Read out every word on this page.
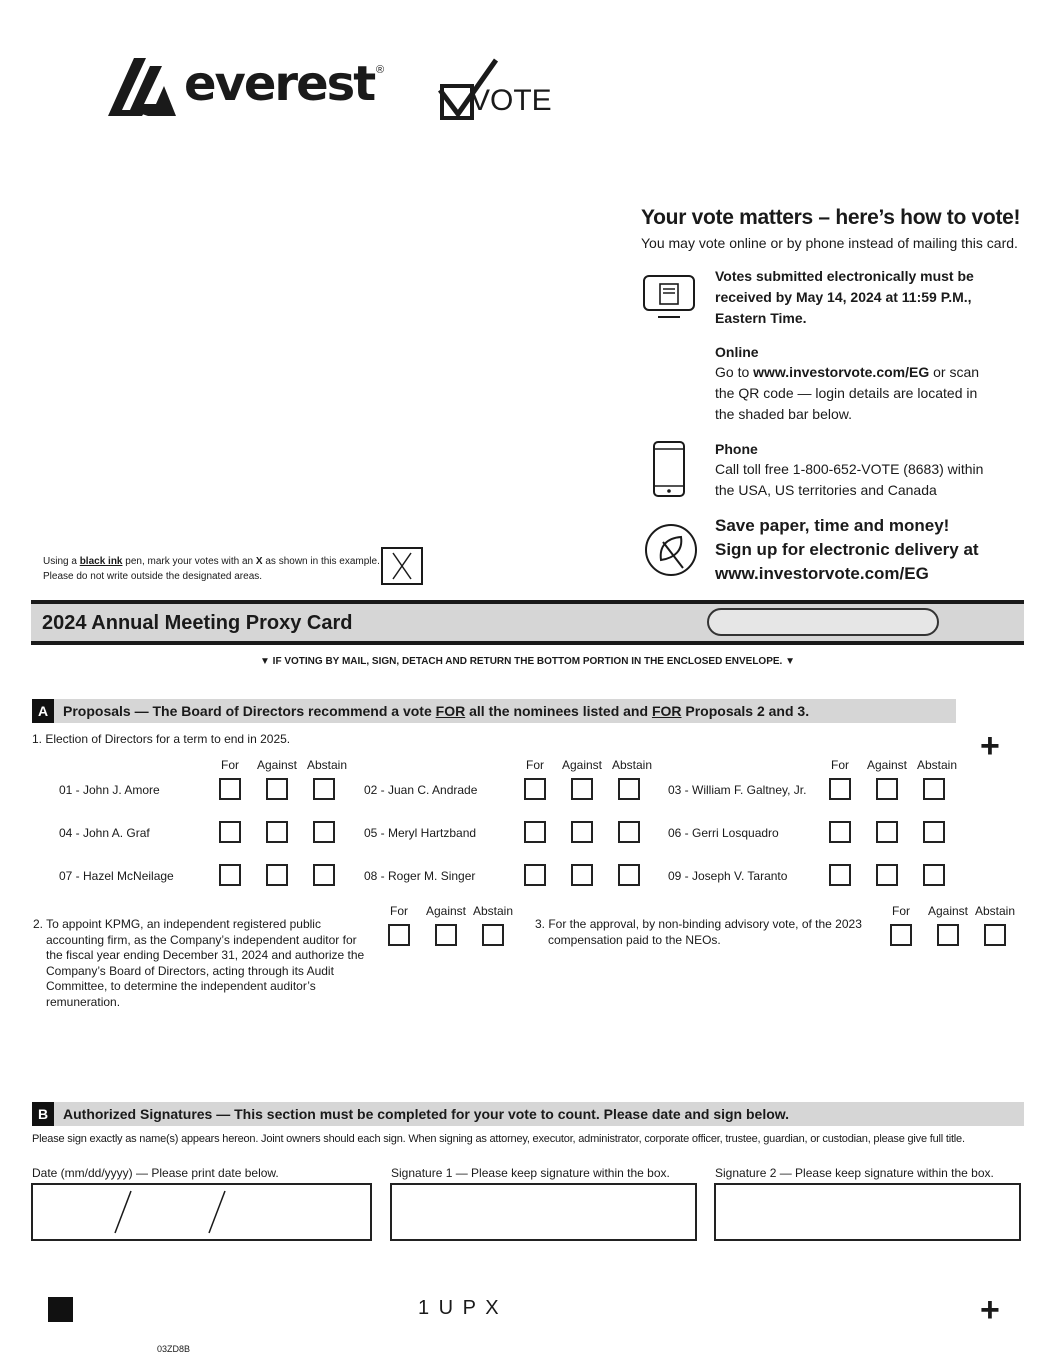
everest ®
VOTE
Your vote matters – here’s how to vote!
You may vote online or by phone instead of mailing this card.
Votes submitted electronically must be received by May 14, 2024 at 11:59 P.M., Eastern Time.
Online
Go to www.investorvote.com/EG or scan the QR code — login details are located in the shaded bar below.
Phone
Call toll free 1-800-652-VOTE (8683) within the USA, US territories and Canada
Save paper, time and money!
Sign up for electronic delivery at
www.investorvote.com/EG
Using a black ink pen, mark your votes with an X as shown in this example.
Please do not write outside the designated areas.
2024 Annual Meeting Proxy Card
▼ IF VOTING BY MAIL, SIGN, DETACH AND RETURN THE BOTTOM PORTION IN THE ENCLOSED ENVELOPE. ▼
A	Proposals — The Board of Directors recommend a vote FOR all the nominees listed and FOR Proposals 2 and 3.
+
1. Election of Directors for a term to end in 2025.
For	Against Abstain	For	Against Abstain	For	Against Abstain
01 - John J. Amore	02 - Juan C. Andrade	03 - William F. Galtney, Jr.
04 - John A. Graf	05 - Meryl Hartzband	06 - Gerri Losquadro
07 - Hazel McNeilage	08 - Roger M. Singer	09 - Joseph V. Taranto
2. To appoint KPMG, an independent registered public accounting firm, as the Company’s independent auditor for the fiscal year ending December 31, 2024 and authorize the Company’s Board of Directors, acting through its Audit Committee, to determine the independent auditor’s remuneration.
For	Against Abstain
3. For the approval, by non-binding advisory vote, of the 2023 compensation paid to the NEOs.
For	Against Abstain
B	Authorized Signatures — This section must be completed for your vote to count. Please date and sign below.
Please sign exactly as name(s) appears hereon. Joint owners should each sign. When signing as attorney, executor, administrator, corporate officer, trustee, guardian, or custodian, please give full title.
Date (mm/dd/yyyy) — Please print date below.	Signature 1 — Please keep signature within the box.	Signature 2 — Please keep signature within the box.
1 U P X	+
03ZD8B
